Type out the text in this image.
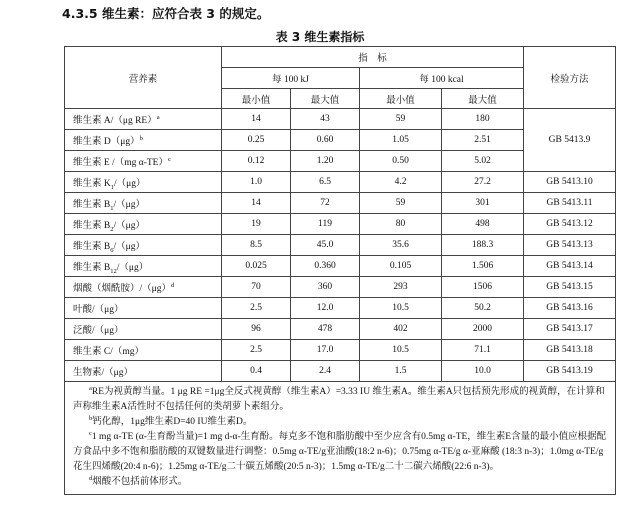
4.3.5 维生素：应符合表 3 的规定。
表 3 维生素指标
营养素	指    标				检验方法
	每 100 kJ		每 100 kcal		
	最小值	最大值	最小值	最大值	
维生素 A/（μg RE）$^a$	14	43	59	180	GB 5413.9
维生素 $D(\mu g)^b$	0.25	0.60	1.05	2.51	
维生素 E /（mg α-TE）$^c$	0.12	1.20	0.50	5.02	
维生素 $K_1/(\mu g)$	1.0	6.5	4.2	27.2	GB 5413.10
维生素 $B_1/(\mu g)$	14	72	59	301	GB 5413.11
维生素 $B_2/(\mu g)$	19	119	80	498	GB 5413.12
维生素 $B_6/(\mu g)$	8.5	45.0	35.6	188.3	GB 5413.13
维生素 $B_{12}/(\mu g)$	0.025	0.360	0.105	1.506	GB 5413.14
烟酸（烟酰胺）$/(\mu g)^d$	70	360	293	1506	GB 5413.15
叶酸/（μg）	2.5	12.0	10.5	50.2	GB 5413.16
泛酸/（μg）	96	478	402	2000	GB 5413.17
维生素 C/（mg）	2.5	17.0	10.5	71.1	GB 5413.18
生物素/（μg）	0.4	2.4	1.5	10.0	GB 5413.19

$^a$RE为视黄醇当量。1 μg RE =1μg全反式视黄醇（维生素A）=3.33 IU 维生素A。维生素A只包括预先形成的视黄醇，在计算和声称维生素A活性时不包括任何的类胡萝卜素组分。
$^b$钙化醇，1μg维生素D=40 IU维生素D。
$^c$1 mg α-TE (α-生育酚当量)=1 mg d-α-生育酚。每克多不饱和脂肪酸中至少应含有0.5mg α-TE，维生素E含量的最小值应根据配方食品中多不饱和脂肪酸的双键数量进行调整：0.5mg α-TE/g亚油酸(18:2 n-6)；0.75mg α-TE/g α-亚麻酸 (18:3 n-3)；1.0mg α-TE/g花生四烯酸(20:4 n-6)；1.25mg α-TE/g二十碳五烯酸(20:5 n-3)；1.5mg α-TE/g二十二碳六烯酸(22:6 n-3)。
$^d$烟酸不包括前体形式。					
